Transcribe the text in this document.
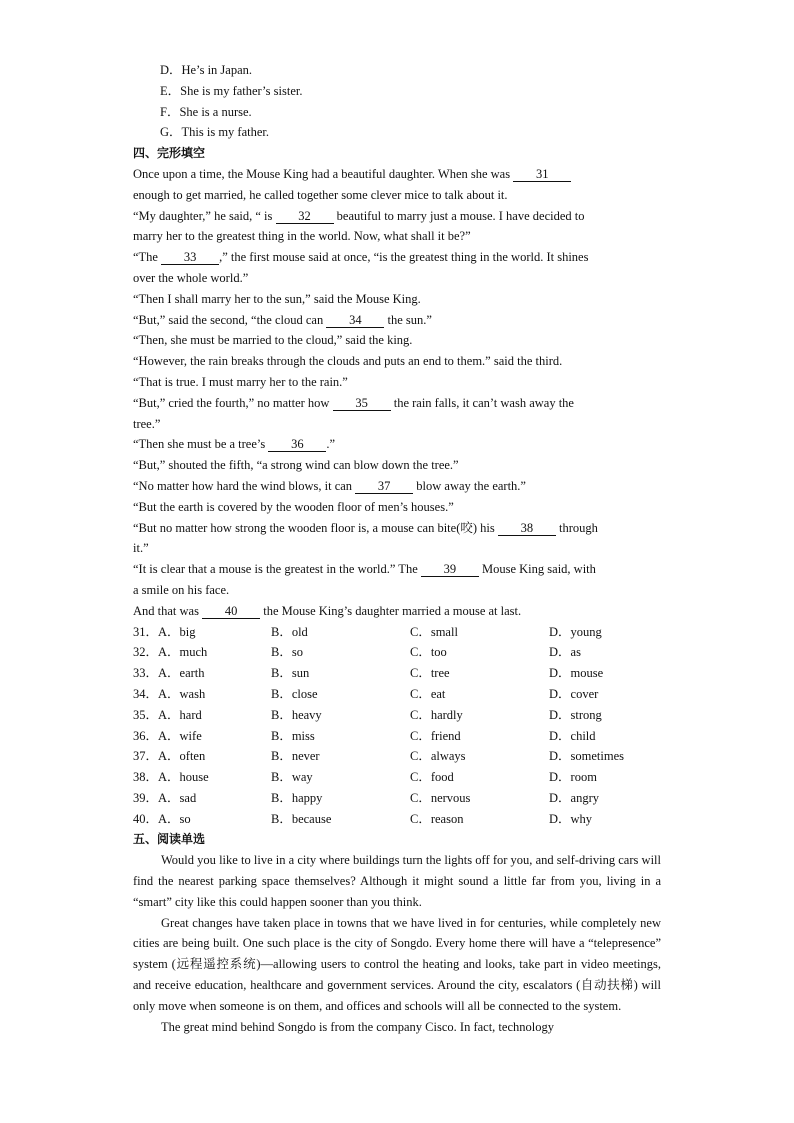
D．He’s in Japan.
E．She is my father’s sister.
F．She is a nurse.
G．This is my father.
四、完形填空
Once upon a time, the Mouse King had a beautiful daughter. When she was 31
enough to get married, he called together some clever mice to talk about it.
“My daughter,” he said, “ is 32 beautiful to marry just a mouse. I have decided to
marry her to the greatest thing in the world. Now, what shall it be?”
“The 33 ,” the first mouse said at once, “is the greatest thing in the world. It shines
over the whole world.”
“Then I shall marry her to the sun,” said the Mouse King.
“But,” said the second, “the cloud can 34 the sun.”
“Then, she must be married to the cloud,” said the king.
“However, the rain breaks through the clouds and puts an end to them.” said the third.
“That is true. I must marry her to the rain.”
“But,” cried the fourth,” no matter how 35 the rain falls, it can’t wash away the
tree.”
“Then she must be a tree’s 36 .”
“But,” shouted the fifth, “a strong wind can blow down the tree.”
“No matter how hard the wind blows, it can 37 blow away the earth.”
“But the earth is covered by the wooden floor of men’s houses.”
“But no matter how strong the wooden floor is, a mouse can bite(咬) his 38 through
it.”
“It is clear that a mouse is the greatest in the world.” The 39 Mouse King said, with
a smile on his face.
And that was 40 the Mouse King’s daughter married a mouse at last.
31．A．big	B．old	C．small	D．young
32．A．much	B．so	C．too	D．as
33．A．earth	B．sun	C．tree	D．mouse
34．A．wash	B．close	C．eat	D．cover
35．A．hard	B．heavy	C．hardly	D．strong
36．A．wife	B．miss	C．friend	D．child
37．A．often	B．never	C．always	D．sometimes
38．A．house	B．way	C．food	D．room
39．A．sad	B．happy	C．nervous	D．angry
40．A．so	B．because	C．reason	D．why
五、阅读单选
Would you like to live in a city where buildings turn the lights off for you, and self-driving cars will find the nearest parking space themselves? Although it might sound a little far from you, living in a “smart” city like this could happen sooner than you think.
Great changes have taken place in towns that we have lived in for centuries, while completely new cities are being built. One such place is the city of Songdo. Every home there will have a “telepresence” system (远程遥控系统)—allowing users to control the heating and looks, take part in video meetings, and receive education, healthcare and government services. Around the city, escalators (自动扶梯) will only move when someone is on them, and offices and schools will all be connected to the system.
The great mind behind Songdo is from the company Cisco. In fact, technology
